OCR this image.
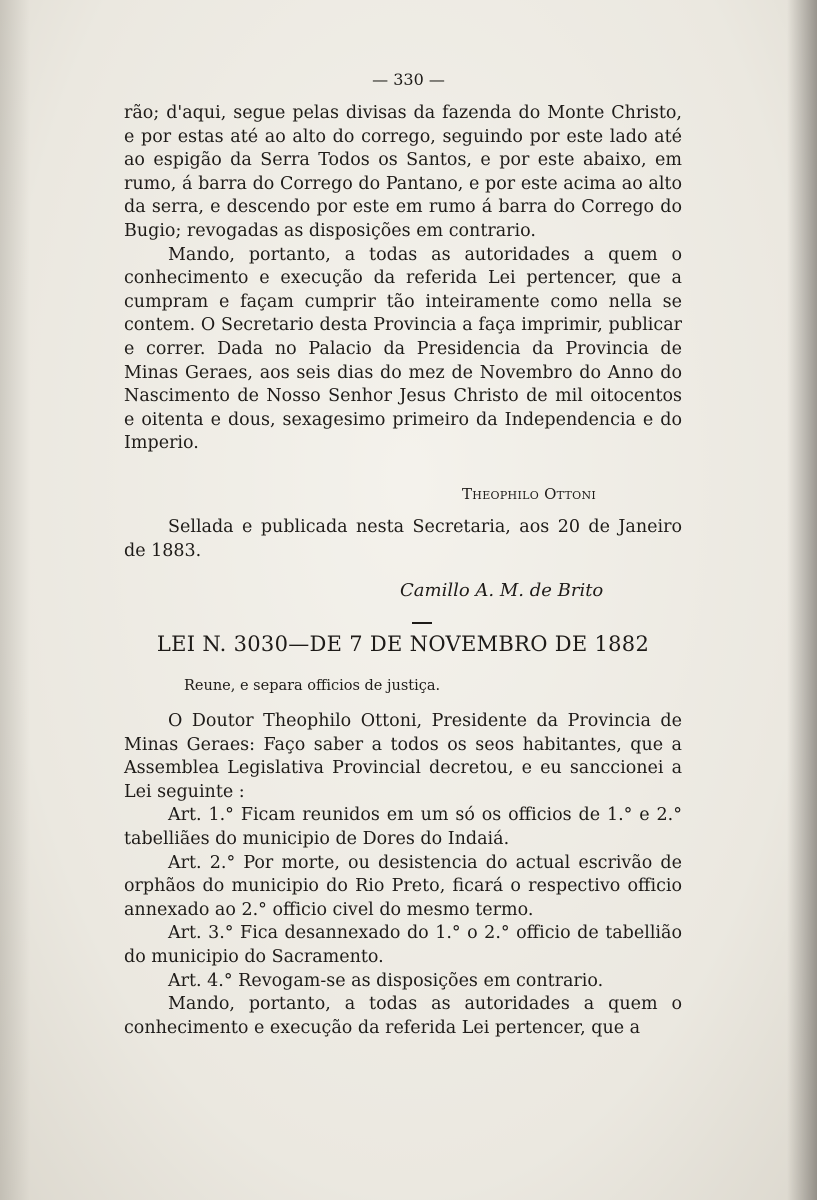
— 330 —

rão; d'aqui, segue pelas divisas da fazenda do Monte Christo, e por estas até ao alto do corrego, seguindo por este lado até ao espigão da Serra Todos os Santos, e por este abaixo, em rumo, á barra do Corrego do Pantano, e por este acima ao alto da serra, e descendo por este em rumo á barra do Corrego do Bugio; revogadas as disposições em contrario.

Mando, portanto, a todas as autoridades a quem o conhecimento e execução da referida Lei pertencer, que a cumpram e façam cumprir tão inteiramente como nella se contem. O Secretario desta Provincia a faça imprimir, publicar e correr. Dada no Palacio da Presidencia da Provincia de Minas Geraes, aos seis dias do mez de Novembro do Anno do Nascimento de Nosso Senhor Jesus Christo de mil oitocentos e oitenta e dous, sexagesimo primeiro da Independencia e do Imperio.

Theophilo Ottoni

Sellada e publicada nesta Secretaria, aos 20 de Janeiro de 1883.

Camillo A. M. de Brito
LEI N. 3030—DE 7 DE NOVEMBRO DE 1882
Reune, e separa officios de justiça.

O Doutor Theophilo Ottoni, Presidente da Provincia de Minas Geraes: Faço saber a todos os seos habitantes, que a Assemblea Legislativa Provincial decretou, e eu sanccionei a Lei seguinte :

Art. 1.° Ficam reunidos em um só os officios de 1.° e 2.° tabelliães do municipio de Dores do Indaiá.

Art. 2.° Por morte, ou desistencia do actual escrivão de orphãos do municipio do Rio Preto, ficará o respectivo officio annexado ao 2.° officio civel do mesmo termo.

Art. 3.° Fica desannexado do 1.° o 2.° officio de tabellião do municipio do Sacramento.

Art. 4.° Revogam-se as disposições em contrario.

Mando, portanto, a todas as autoridades a quem o conhecimento e execução da referida Lei pertencer, que a
